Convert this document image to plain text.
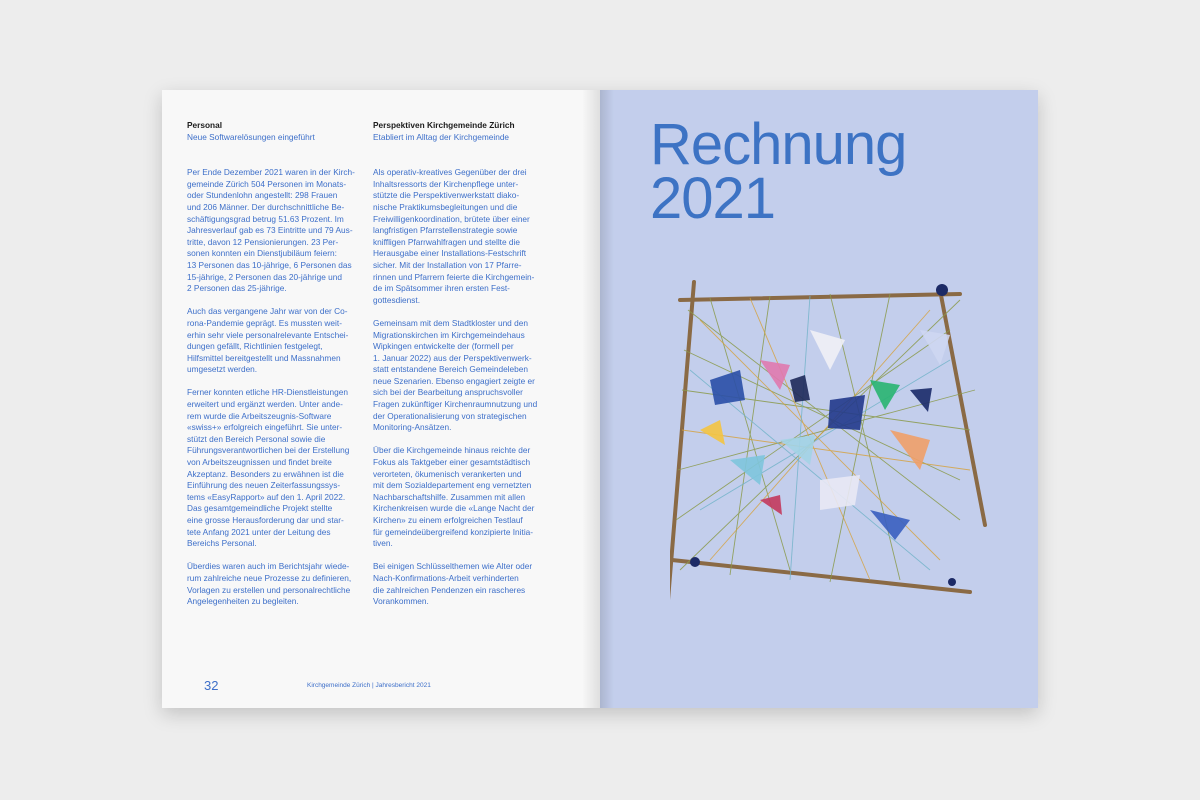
Personal
Neue Softwarelösungen eingeführt

Per Ende Dezember 2021 waren in der Kirch-
gemeinde Zürich 504 Personen im Monats-
oder Stundenlohn angestellt: 298 Frauen
und 206 Männer. Der durchschnittliche Be-
schäftigungsgrad betrug 51.63 Prozent. Im
Jahresverlauf gab es 73 Eintritte und 79 Aus-
tritte, davon 12 Pensionierungen. 23 Per-
sonen konnten ein Dienstjubiläum feiern:
13 Personen das 10-jährige, 6 Personen das
15-jährige, 2 Personen das 20-jährige und
2 Personen das 25-jährige.

Auch das vergangene Jahr war von der Co-
rona-Pandemie geprägt. Es mussten weit-
erhin sehr viele personalrelevante Entschei-
dungen gefällt, Richtlinien festgelegt,
Hilfsmittel bereitgestellt und Massnahmen
umgesetzt werden.

Ferner konnten etliche HR-Dienstleistungen
erweitert und ergänzt werden. Unter ande-
rem wurde die Arbeitszeugnis-Software
«swiss+» erfolgreich eingeführt. Sie unter-
stützt den Bereich Personal sowie die
Führungsverantwortlichen bei der Erstellung
von Arbeitszeugnissen und findet breite
Akzeptanz. Besonders zu erwähnen ist die
Einführung des neuen Zeiterfassungssys-
tems «EasyRapport» auf den 1. April 2022.
Das gesamtgemeindliche Projekt stellte
eine grosse Herausforderung dar und star-
tete Anfang 2021 unter der Leitung des
Bereichs Personal.

Überdies waren auch im Berichtsjahr wiede-
rum zahlreiche neue Prozesse zu definieren,
Vorlagen zu erstellen und personalrechtliche
Angelegenheiten zu begleiten.

Perspektiven Kirchgemeinde Zürich
Etabliert im Alltag der Kirchgemeinde

Als operativ-kreatives Gegenüber der drei
Inhaltsressorts der Kirchenpflege unter-
stützte die Perspektivenwerkstatt diako-
nische Praktikumsbegleitungen und die
Freiwilligenkoordination, brütete über einer
langfristigen Pfarrstellenstrategie sowie
kniffligen Pfarrwahlfragen und stellte die
Herausgabe einer Installations-Festschrift
sicher. Mit der Installation von 17 Pfarre-
rinnen und Pfarrern feierte die Kirchgemein-
de im Spätsommer ihren ersten Fest-
gottesdienst.

Gemeinsam mit dem Stadtkloster und den
Migrationskirchen im Kirchgemeindehaus
Wipkingen entwickelte der (formell per
1. Januar 2022) aus der Perspektivenwerk-
statt entstandene Bereich Gemeindeleben
neue Szenarien. Ebenso engagiert zeigte er
sich bei der Bearbeitung anspruchsvoller
Fragen zukünftiger Kirchenraumnutzung und
der Operationalisierung von strategischen
Monitoring-Ansätzen.

Über die Kirchgemeinde hinaus reichte der
Fokus als Taktgeber einer gesamtstädtisch
verorteten, ökumenisch verankerten und
mit dem Sozialdepartement eng vernetzten
Nachbarschaftshilfe. Zusammen mit allen
Kirchenkreisen wurde die «Lange Nacht der
Kirchen» zu einem erfolgreichen Testlauf
für gemeindeübergreifend konzipierte Initia-
tiven.

Bei einigen Schlüsselthemen wie Alter oder
Nach-Konfirmations-Arbeit verhinderten
die zahlreichen Pendenzen ein rascheres
Vorankommen.

32	Kirchgemeinde Zürich | Jahresbericht 2021
Rechnung
2021
